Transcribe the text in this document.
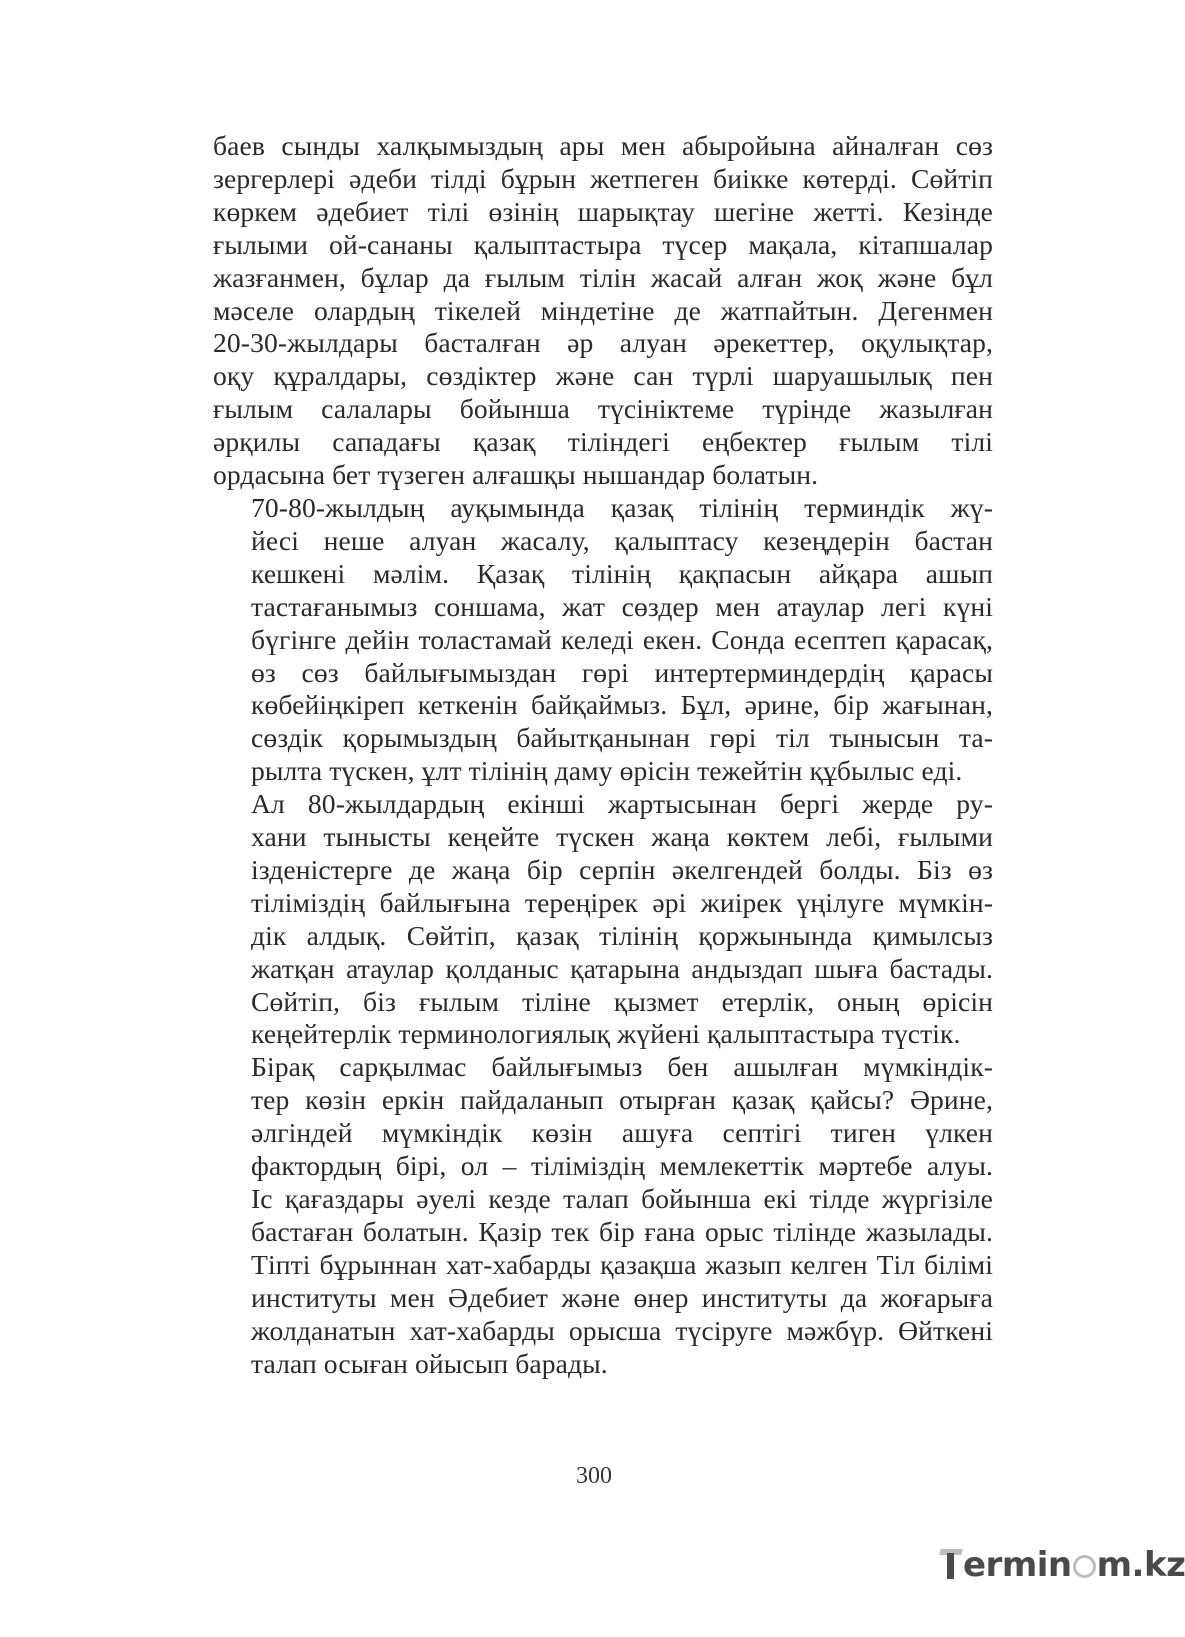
баев сынды халқымыздың ары мен абыройына айналған сөз
зергерлері әдеби тілді бұрын жетпеген биікке көтерді. Сөйтіп
көркем әдебиет тілі өзінің шарықтау шегіне жетті. Кезінде
ғылыми ой-сананы қалыптастыра түсер мақала, кітапшалар
жазғанмен, бұлар да ғылым тілін жасай алған жоқ және бұл
мәселе олардың тікелей міндетіне де жатпайтын. Дегенмен
20-30-жылдары басталған әр алуан әрекеттер, оқулықтар,
оқу құралдары, сөздіктер және сан түрлі шаруашылық пен
ғылым салалары бойынша түсініктеме түрінде жазылған
әрқилы сападағы қазақ тіліндегі еңбектер ғылым тілі
ордасына бет түзеген алғашқы нышандар болатын.

70-80-жылдың ауқымында қазақ тілінің терминдік жү-
йесі неше алуан жасалу, қалыптасу кезеңдерін бастан
кешкені мәлім. Қазақ тілінің қақпасын айқара ашып
тастағанымыз соншама, жат сөздер мен атаулар легі күні
бүгінге дейін толастамай келеді екен. Сонда есептеп қарасақ,
өз сөз байлығымыздан гөрі интертерминдердің қарасы
көбейіңкіреп кеткенін байқаймыз. Бұл, әрине, бір жағынан,
сөздік қорымыздың байытқанынан гөрі тіл тынысын та-
рылта түскен, ұлт тілінің даму өрісін тежейтін құбылыс еді.

Ал 80-жылдардың екінші жартысынан бергі жерде ру-
хани тынысты кеңейте түскен жаңа көктем лебі, ғылыми
ізденістерге де жаңа бір серпін әкелгендей болды. Біз өз
тіліміздің байлығына тереңірек әрі жиірек үңілуге мүмкін-
дік алдық. Сөйтіп, қазақ тілінің қоржынында қимылсыз
жатқан атаулар қолданыс қатарына андыздап шыға бастады.
Сөйтіп, біз ғылым тіліне қызмет етерлік, оның өрісін
кеңейтерлік терминологиялық жүйені қалыптастыра түстік.

Бірақ сарқылмас байлығымыз бен ашылған мүмкіндік-
тер көзін еркін пайдаланып отырған қазақ қайсы? Әрине,
әлгіндей мүмкіндік көзін ашуға септігі тиген үлкен
фактордың бірі, ол – тіліміздің мемлекеттік мәртебе алуы.
Іс қағаздары әуелі кезде талап бойынша екі тілде жүргізіле
бастаған болатын. Қазір тек бір ғана орыс тілінде жазылады.
Тіпті бұрыннан хат-хабарды қазақша жазып келген Тіл білімі
институты мен Әдебиет және өнер институты да жоғарыға
жолданатын хат-хабарды орысша түсіруге мәжбүр. Өйткені
талап осыған ойысып барады.

300
ermin m.kz
